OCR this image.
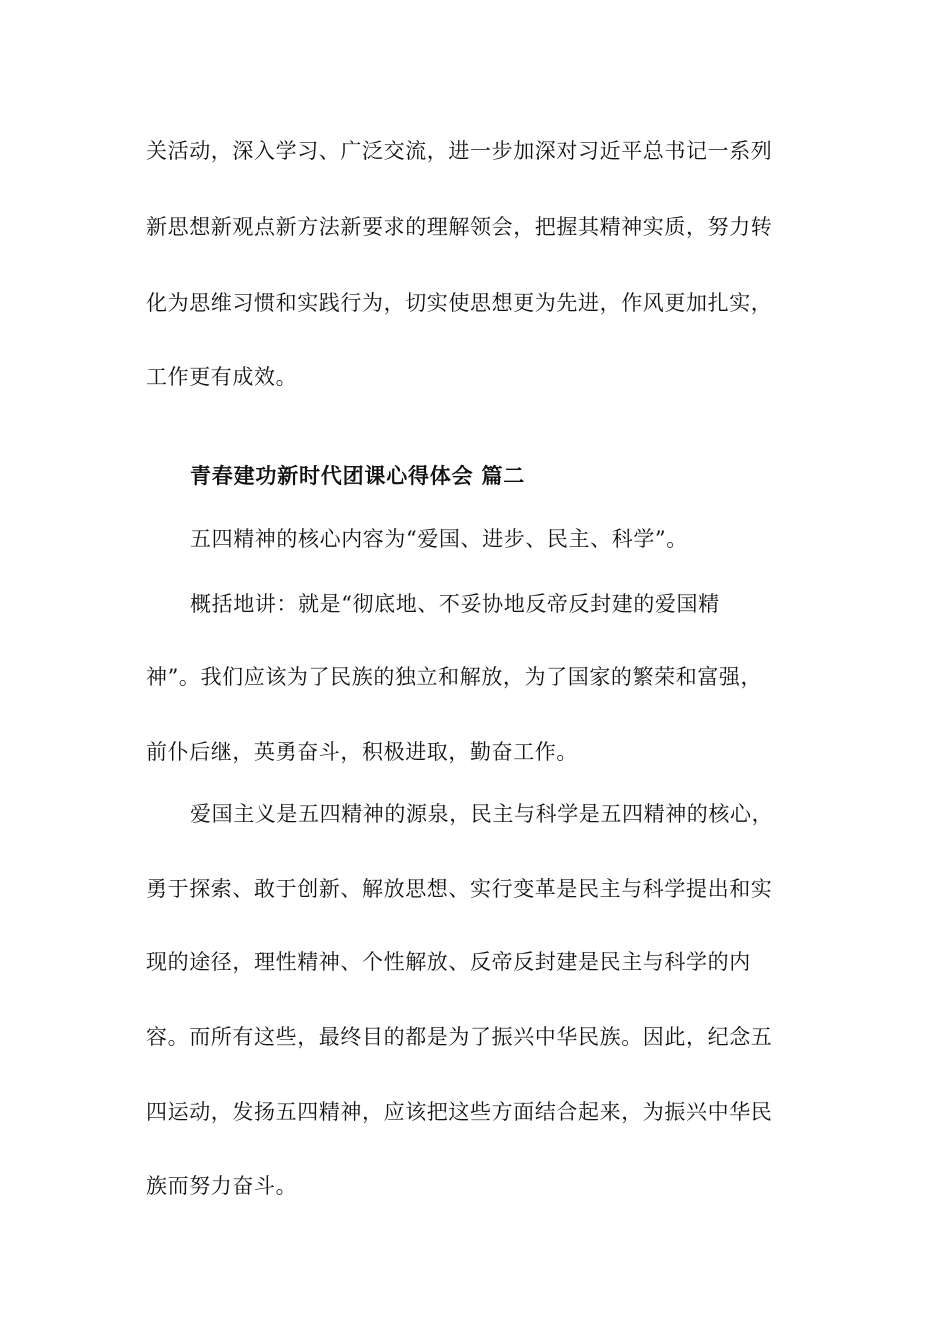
关活动，深入学习、广泛交流，进一步加深对习近平总书记一系列
新思想新观点新方法新要求的理解领会，把握其精神实质，努力转
化为思维习惯和实践行为，切实使思想更为先进，作风更加扎实，
工作更有成效。
青春建功新时代团课心得体会 篇二
五四精神的核心内容为“爱国、进步、民主、科学”。
概括地讲：就是“彻底地、不妥协地反帝反封建的爱国精
神”。我们应该为了民族的独立和解放，为了国家的繁荣和富强，
前仆后继，英勇奋斗，积极进取，勤奋工作。
爱国主义是五四精神的源泉，民主与科学是五四精神的核心，
勇于探索、敢于创新、解放思想、实行变革是民主与科学提出和实
现的途径，理性精神、个性解放、反帝反封建是民主与科学的内
容。而所有这些，最终目的都是为了振兴中华民族。因此，纪念五
四运动，发扬五四精神，应该把这些方面结合起来，为振兴中华民
族而努力奋斗。
